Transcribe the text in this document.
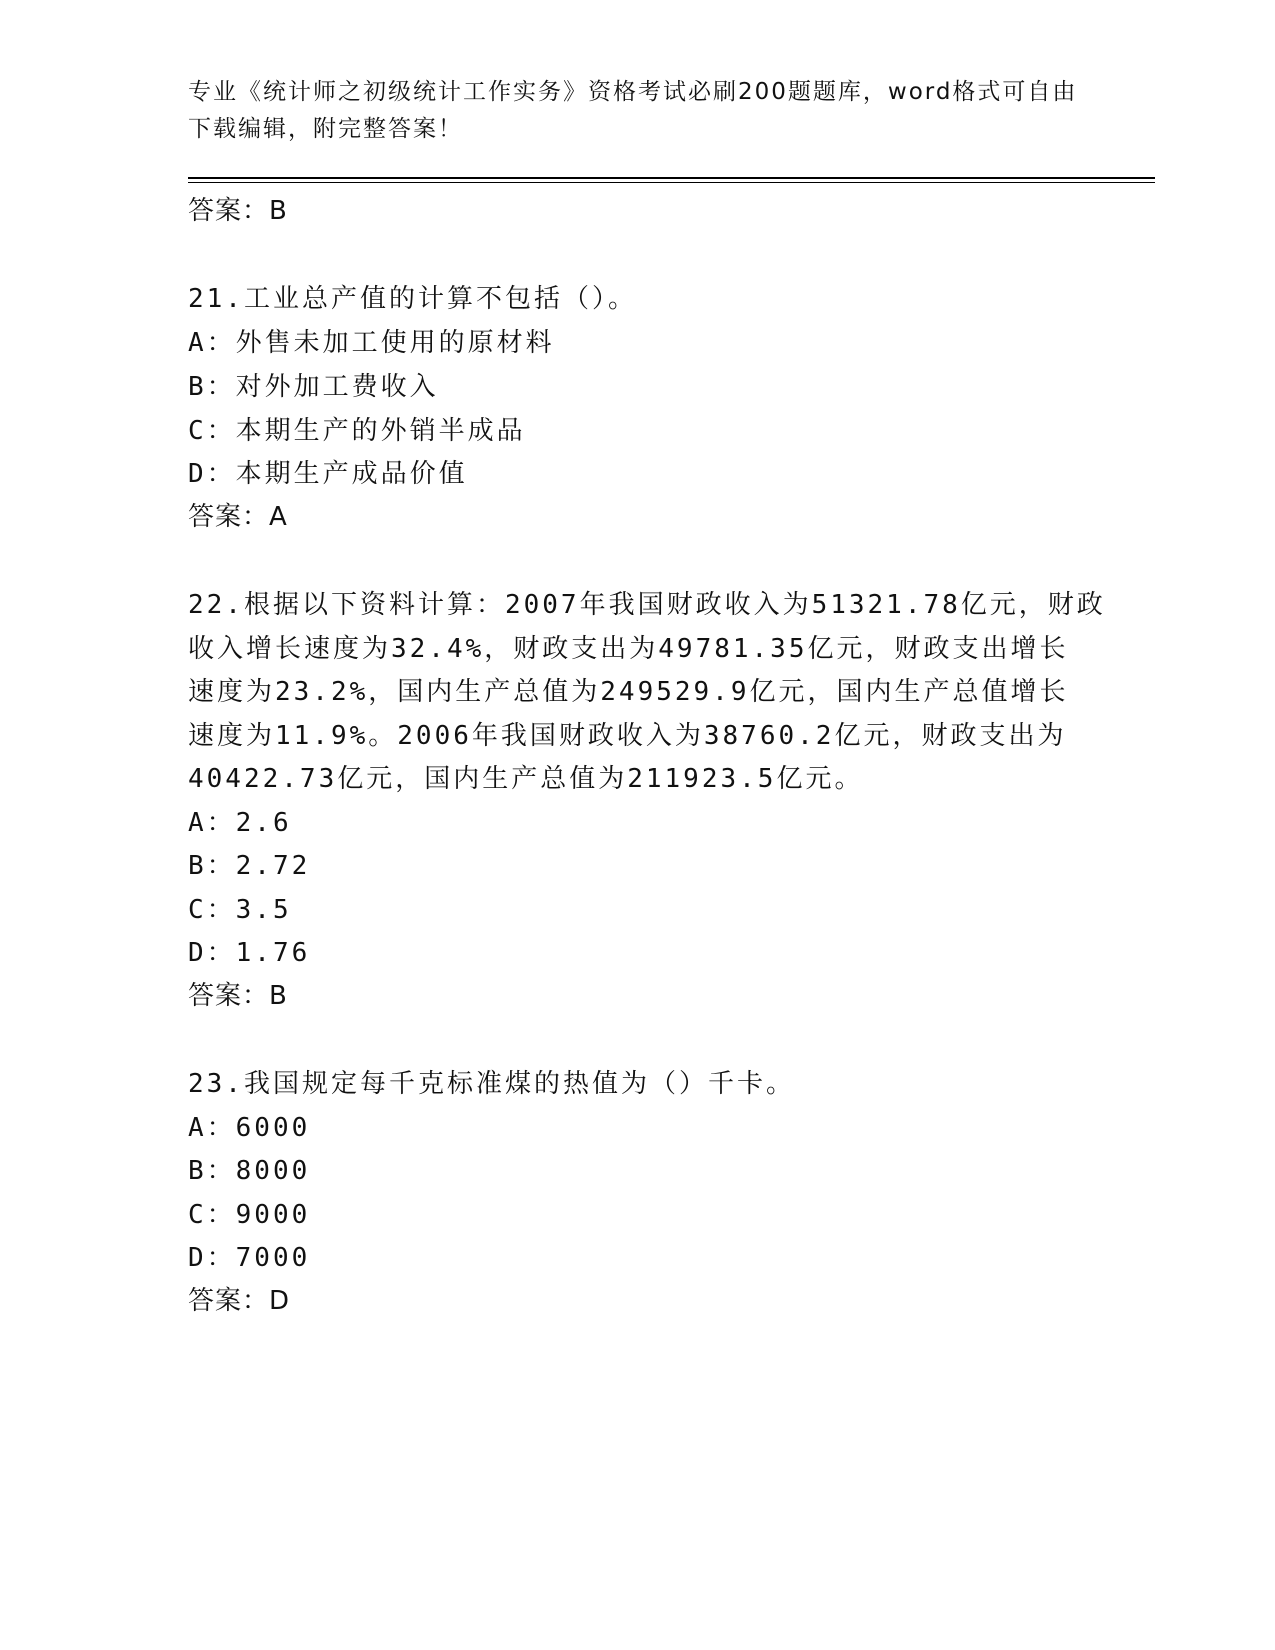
专业《统计师之初级统计工作实务》资格考试必刷200题题库，word格式可自由
下载编辑，附完整答案！
答案：B
21.工业总产值的计算不包括（）。
A：外售未加工使用的原材料
B：对外加工费收入
C：本期生产的外销半成品
D：本期生产成品价值
答案：A
22.根据以下资料计算：2007年我国财政收入为51321.78亿元，财政
收入增长速度为32.4%，财政支出为49781.35亿元，财政支出增长
速度为23.2%，国内生产总值为249529.9亿元，国内生产总值增长
速度为11.9%。2006年我国财政收入为38760.2亿元，财政支出为
40422.73亿元，国内生产总值为211923.5亿元。
A：2.6
B：2.72
C：3.5
D：1.76
答案：B
23.我国规定每千克标准煤的热值为（）千卡。
A：6000
B：8000
C：9000
D：7000
答案：D
